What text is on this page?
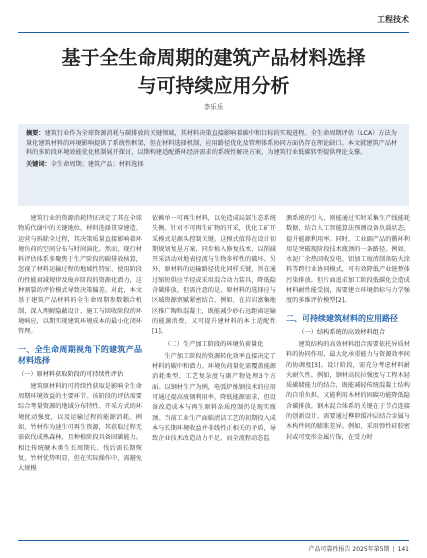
工程技术
基于全生命周期的建筑产品材料选择
与可持续应用分析
李乐乐
摘要：建筑行业作为全球资源消耗与碳排放的关键领域，其材料决策直接影响着碳中和目标的实现进程。全生命周期评估（LCA）方法为量化建筑材料的环境影响提供了系统性框架，但在材料选择机制、应用路径优化及管理体系协同方面仍存在理论缺口。本文就建筑产品材料的多阶段环境效能优化机制展开探讨，以期构建适配循环经济需求的系统性解决方案，为建筑行业低碳转型提供理论支撑。
关键词：全生命周期；建筑产品；材料选择

建筑行业的资源消耗特征决定了其在全球物质代谢中的关键地位。材料选择贯穿建造、运营与拆除全过程，其决策质量直接影响着环境负荷的空间分布与时间演化。然而，现行材料评估体系多聚焦于生产阶段的碳排放核算，忽视了材料运输过程的地域性特征、使用阶段的性能衰减规律及废弃阶段的资源化潜力，这种割裂的评价模式导致决策偏差。对此，本文基于建筑产品材料的全生命周期参数耦合机制，深入理解隐蔽设计、施工与回收阶段的环境响应，以期实现建筑环境成本的最小化闭环管理。

一、全生命周期视角下的建筑产品材料选择
（一）原材料获取阶段的可持续性评估

建筑原材料的可持续性获取是影响全生命周期环境效益的主要环节。该阶段的评估需要综合考量资源的地域分布特性、开采方式的环境扰动强度，以及运输过程的能源消耗。例如，竹材作为速生可再生资源，其获取过程无需砍伐成熟森林，且种植阶段具备固碳能力。相比传统硬木类生长周期长、伐后需长期恢复，竹材优势明显，但在实际操作中，需避免大规模

依赖单一可再生材料，以免造成局部生态系统失衡。针对不可再生矿物的开采，优化工矿开采模式是源头控制关键。这模式值得在设计初期规划复垦方案，同步植入修复技术，以削减开采活动对地表径流与生物多样性的破坏。另外，原材料的运输路径优化同样关键，旨在通过缩短供应半径或采用混合动力装具，降低隐含碳排放。但需注意的是，原材料的选择应与区域资源禀赋紧密结合。例如，在岩岩富集地区推广陶粒混凝土，既能减少砂石远距离运输的能源消费，又可提升建材料的本土适配性[1]。

（二）生产加工阶段的环境负荷量化

生产加工阶段的资源转化效率直接决定了材料的碳中和潜力。环境负荷量化需覆盖能源消耗类型、工艺复杂度与副产物处理3个方面。以钢材生产为例，电弧炉炼钢技术的应用可通过提高废钢利用率，降低能源需求，但设备改造成本与再生原料杂质控制仍是现实瓶颈。当前工业生产面临清洁工艺的初期投入成本与长期环境收益并非线性正相关的矛盾，导致企业技术改造动力不足。而全流程动态监

测系统的引入，则能通过实时采集生产线能耗数据，结合人工智能算法预测设备负载状态，提升能源利用率。同时，工业副产品的循环利用是突破现阶段技术瓶颈的一条路径。例如，水泥厂余热回收发电、铝加工废渣制备防火涂料等跨行业协同模式，可有效降低产业链整体污染排放。但片面追求加工阶段低碳化会造成材料耐性能受损，需要建立环境指标与力学强度的多维评价模型[2]。

二、可持续建筑材料的应用路径
（一）结构系统的高效材料组合

建筑结构的高效材料组合需要依托异质材料的协同作用，最大化承重能力与资源效率间的协调度[3]。设计阶段，需充分考虑材料耐火耐久性。例如，钢材高抗拉强度与工程木轻质碳储能力的结合，既能减轻传统混凝土结构的自重负担，又能利用木材的固碳功能降低隐含碳排放。钢木混合体系的关键在于节点连接的创新设计，需要通过榫卯缓冲层结合金属与木构件间的膨胀差异。例如，采用弹性硅胶密封或可变形金属片饰，在受力时

产品可靠性报告 2025年第5期 | 141
